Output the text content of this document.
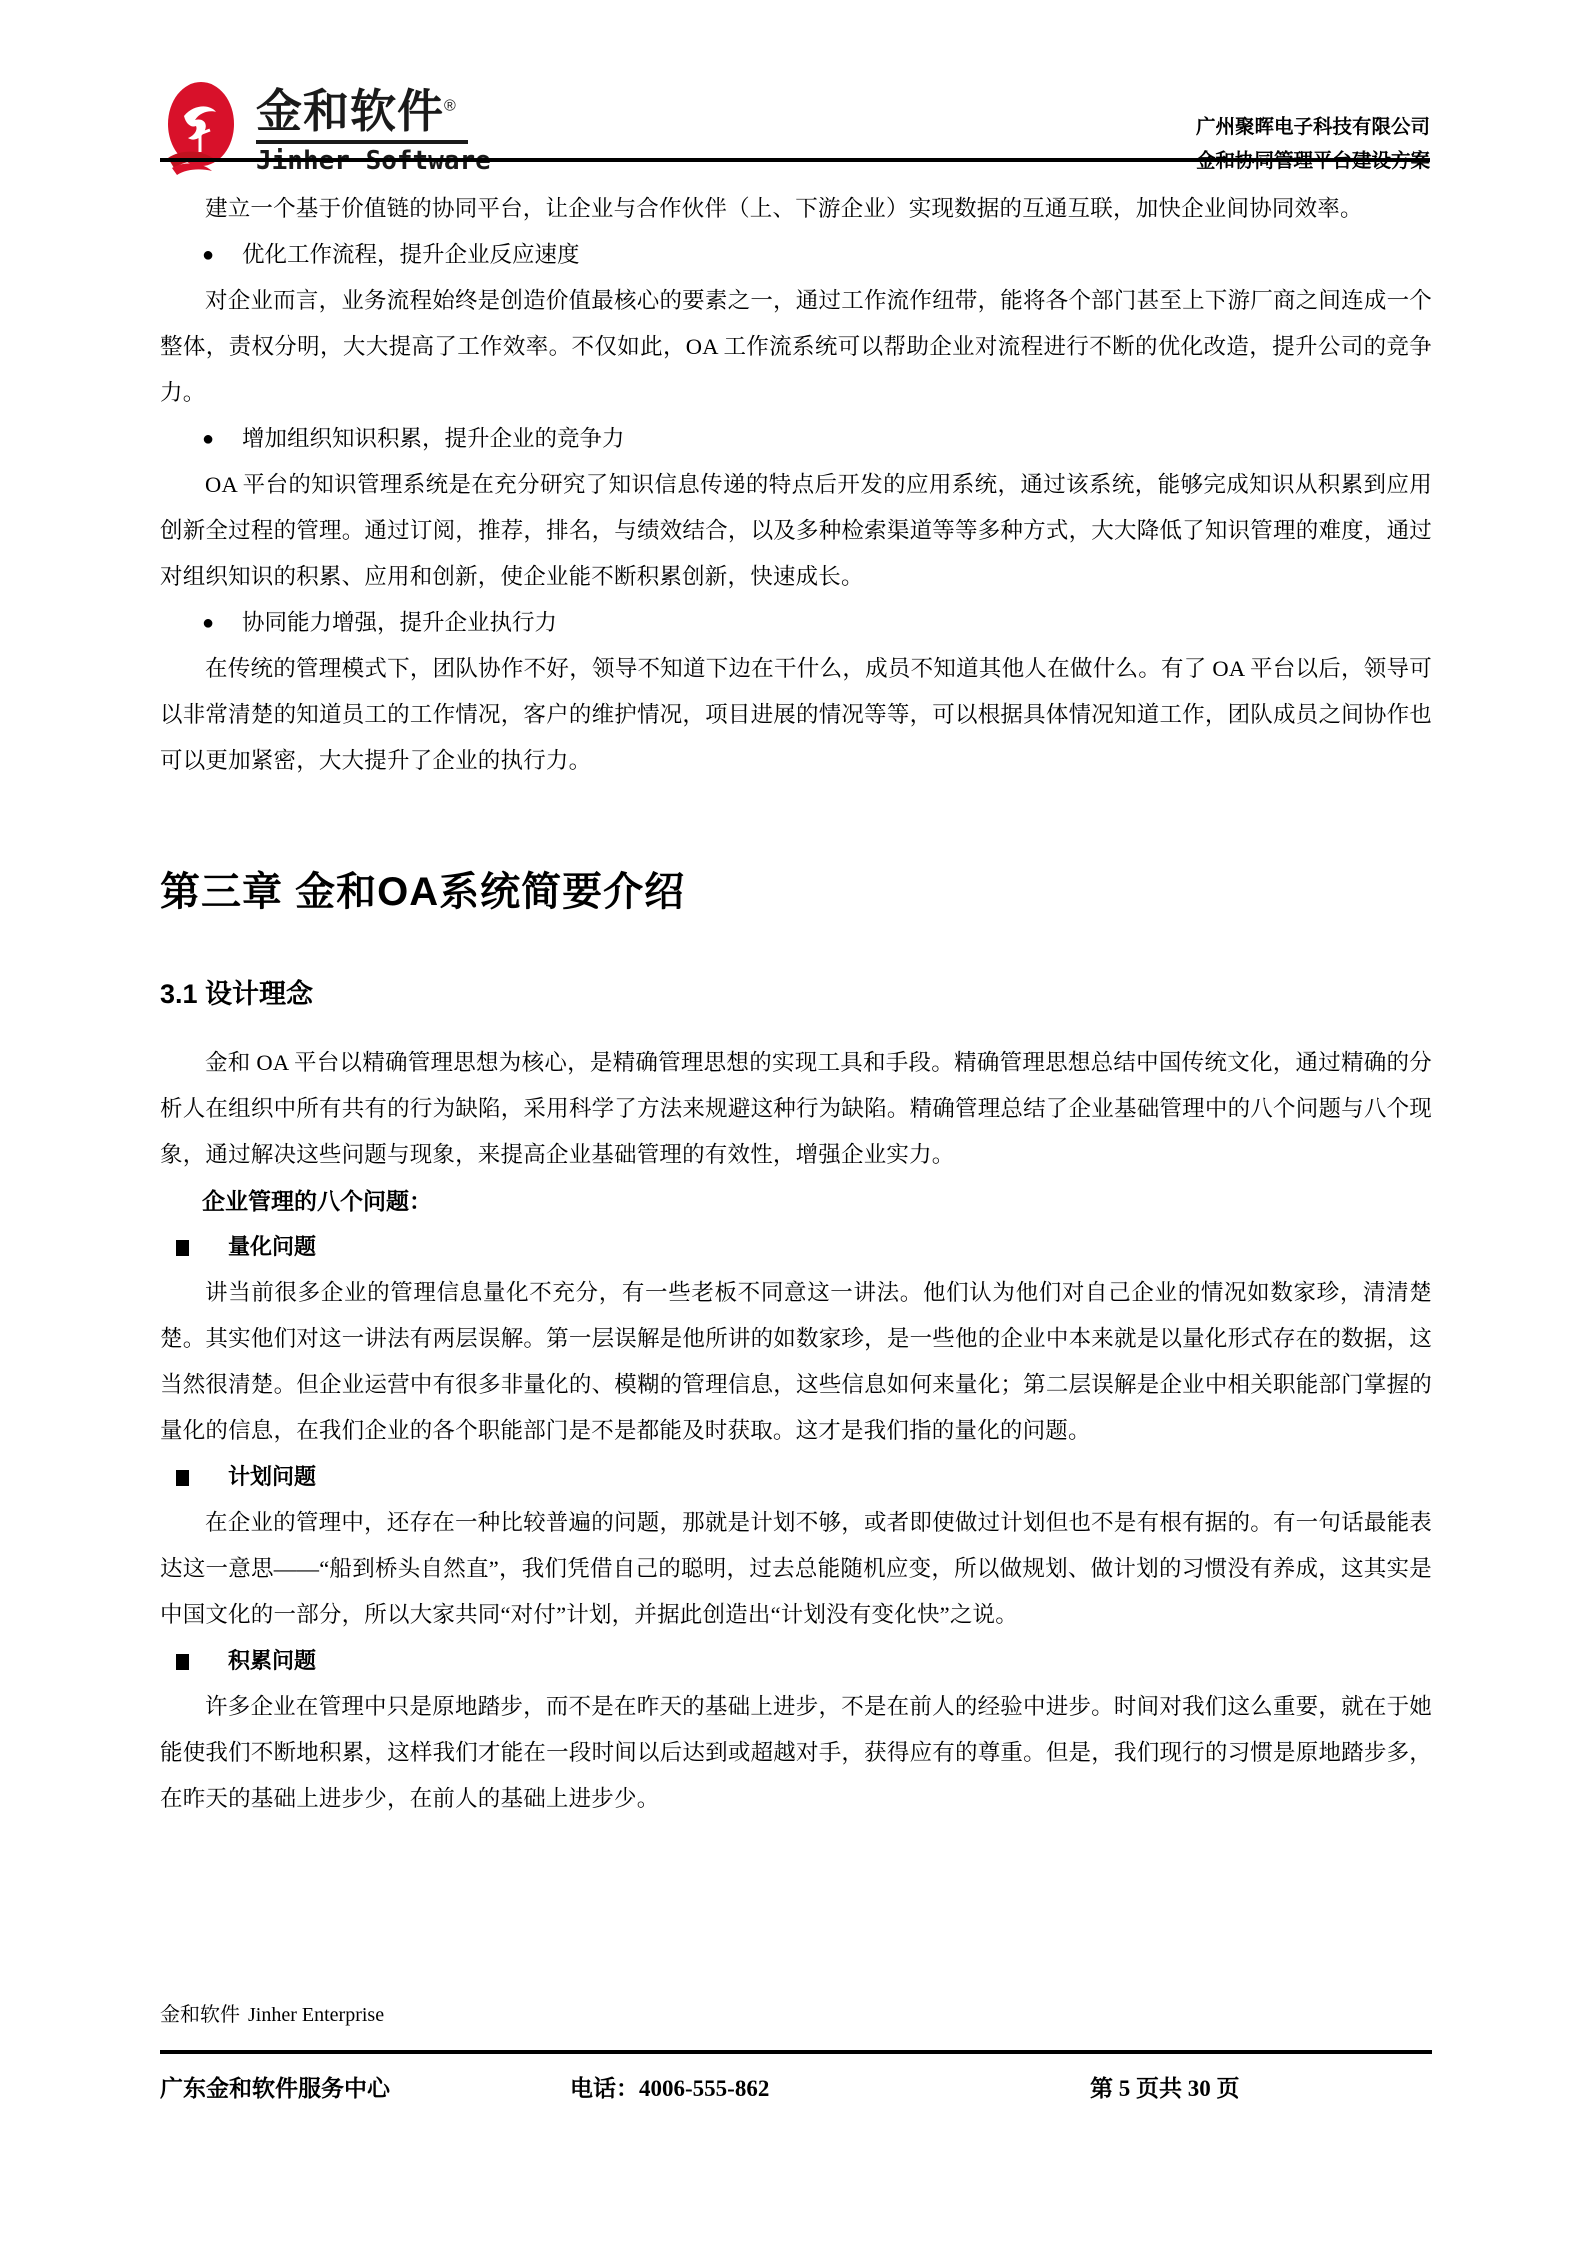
金和软件®
Jinher Software
广州聚晖电子科技有限公司
金和协同管理平台建设方案

建立一个基于价值链的协同平台，让企业与合作伙伴（上、下游企业）实现数据的互通互联，加快企业间协同效率。

● 优化工作流程，提升企业反应速度

对企业而言，业务流程始终是创造价值最核心的要素之一，通过工作流作纽带，能将各个部门甚至上下游厂商之间连成一个整体，责权分明，大大提高了工作效率。不仅如此，OA 工作流系统可以帮助企业对流程进行不断的优化改造，提升公司的竞争力。

● 增加组织知识积累，提升企业的竞争力

OA 平台的知识管理系统是在充分研究了知识信息传递的特点后开发的应用系统，通过该系统，能够完成知识从积累到应用创新全过程的管理。通过订阅，推荐，排名，与绩效结合，以及多种检索渠道等等多种方式，大大降低了知识管理的难度，通过对组织知识的积累、应用和创新，使企业能不断积累创新，快速成长。

● 协同能力增强，提升企业执行力

在传统的管理模式下，团队协作不好，领导不知道下边在干什么，成员不知道其他人在做什么。有了 OA 平台以后，领导可以非常清楚的知道员工的工作情况，客户的维护情况，项目进展的情况等等，可以根据具体情况知道工作，团队成员之间协作也可以更加紧密，大大提升了企业的执行力。

第三章 金和OA系统简要介绍
3.1 设计理念

金和 OA 平台以精确管理思想为核心，是精确管理思想的实现工具和手段。精确管理思想总结中国传统文化，通过精确的分析人在组织中所有共有的行为缺陷，采用科学了方法来规避这种行为缺陷。精确管理总结了企业基础管理中的八个问题与八个现象，通过解决这些问题与现象，来提高企业基础管理的有效性，增强企业实力。

企业管理的八个问题：
量化问题

讲当前很多企业的管理信息量化不充分，有一些老板不同意这一讲法。他们认为他们对自己企业的情况如数家珍，清清楚楚。其实他们对这一讲法有两层误解。第一层误解是他所讲的如数家珍，是一些他的企业中本来就是以量化形式存在的数据，这当然很清楚。但企业运营中有很多非量化的、模糊的管理信息，这些信息如何来量化；第二层误解是企业中相关职能部门掌握的量化的信息，在我们企业的各个职能部门是不是都能及时获取。这才是我们指的量化的问题。

计划问题

在企业的管理中，还存在一种比较普遍的问题，那就是计划不够，或者即使做过计划但也不是有根有据的。有一句话最能表达这一意思——“船到桥头自然直”，我们凭借自己的聪明，过去总能随机应变，所以做规划、做计划的习惯没有养成，这其实是中国文化的一部分，所以大家共同“对付”计划，并据此创造出“计划没有变化快”之说。

积累问题

许多企业在管理中只是原地踏步，而不是在昨天的基础上进步，不是在前人的经验中进步。时间对我们这么重要，就在于她能使我们不断地积累，这样我们才能在一段时间以后达到或超越对手，获得应有的尊重。但是，我们现行的习惯是原地踏步多，在昨天的基础上进步少，在前人的基础上进步少。

金和软件 Jinher Enterprise
广东金和软件服务中心	电话：4006-555-862	第 5 页共 30 页
